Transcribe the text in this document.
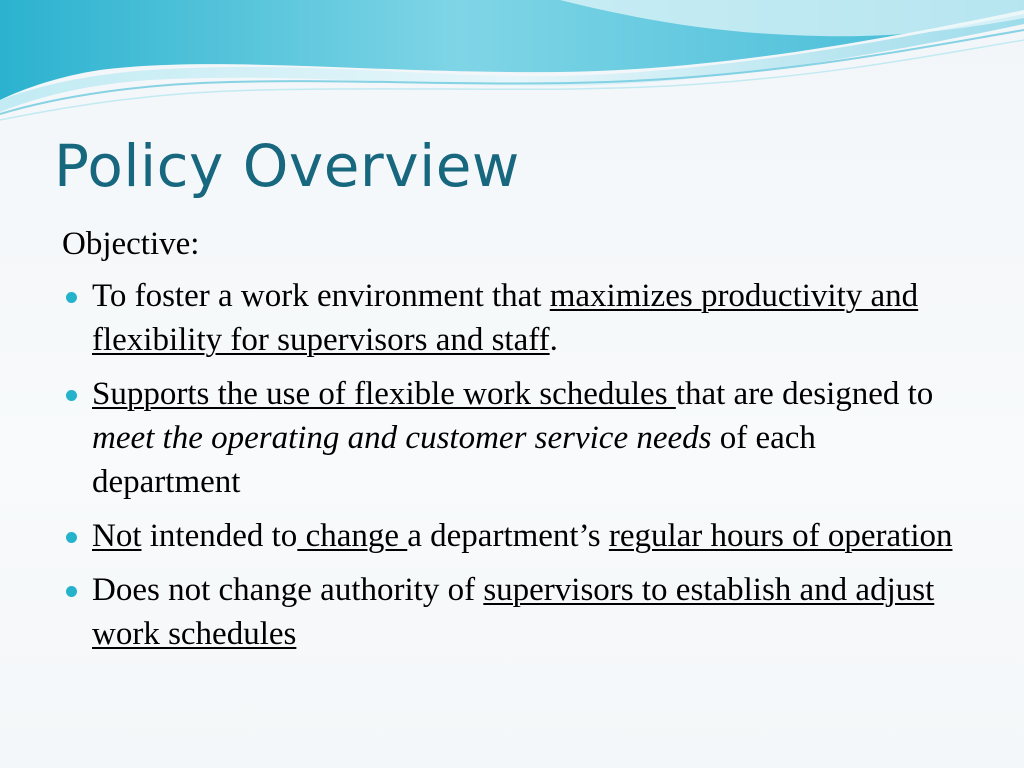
Policy Overview
Objective:
To foster a work environment that maximizes productivity and flexibility for supervisors and staff.
Supports the use of flexible work schedules that are designed to meet the operating and customer service needs of each department
Not intended to change a department’s regular hours of operation
Does not change authority of supervisors to establish and adjust work schedules
